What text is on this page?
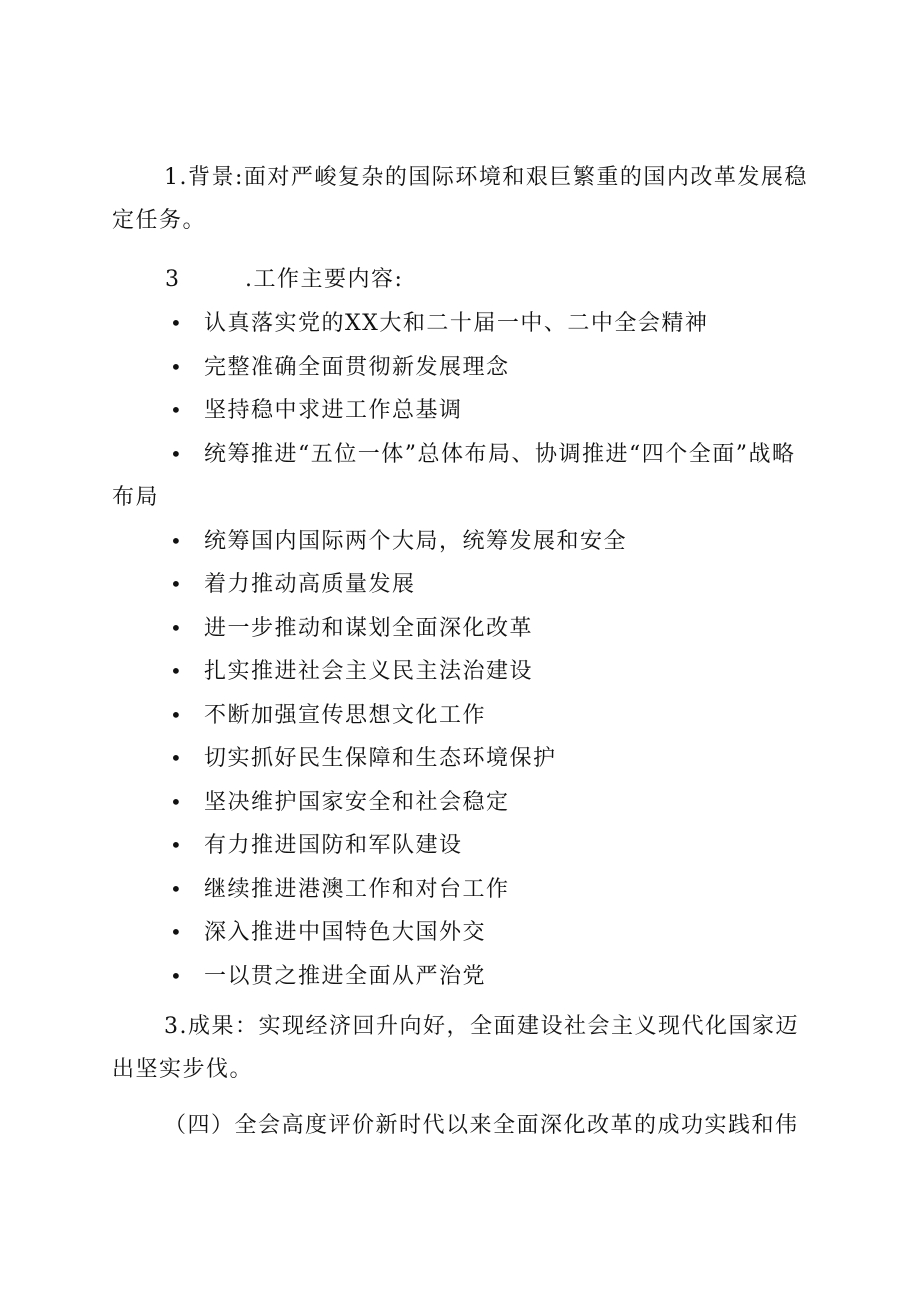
1.背景:面对严峻复杂的国际环境和艰巨繁重的国内改革发展稳定任务。

3	.工作主要内容:

• 认真落实党的XX大和二十届一中、二中全会精神
• 完整准确全面贯彻新发展理念
• 坚持稳中求进工作总基调
• 统筹推进“五位一体”总体布局、协调推进“四个全面”战略布局
• 统筹国内国际两个大局，统筹发展和安全
• 着力推动高质量发展
• 进一步推动和谋划全面深化改革
• 扎实推进社会主义民主法治建设
• 不断加强宣传思想文化工作
• 切实抓好民生保障和生态环境保护
• 坚决维护国家安全和社会稳定
• 有力推进国防和军队建设
• 继续推进港澳工作和对台工作
• 深入推进中国特色大国外交
• 一以贯之推进全面从严治党

3.成果：实现经济回升向好，全面建设社会主义现代化国家迈出坚实步伐。

（四）全会高度评价新时代以来全面深化改革的成功实践和伟
